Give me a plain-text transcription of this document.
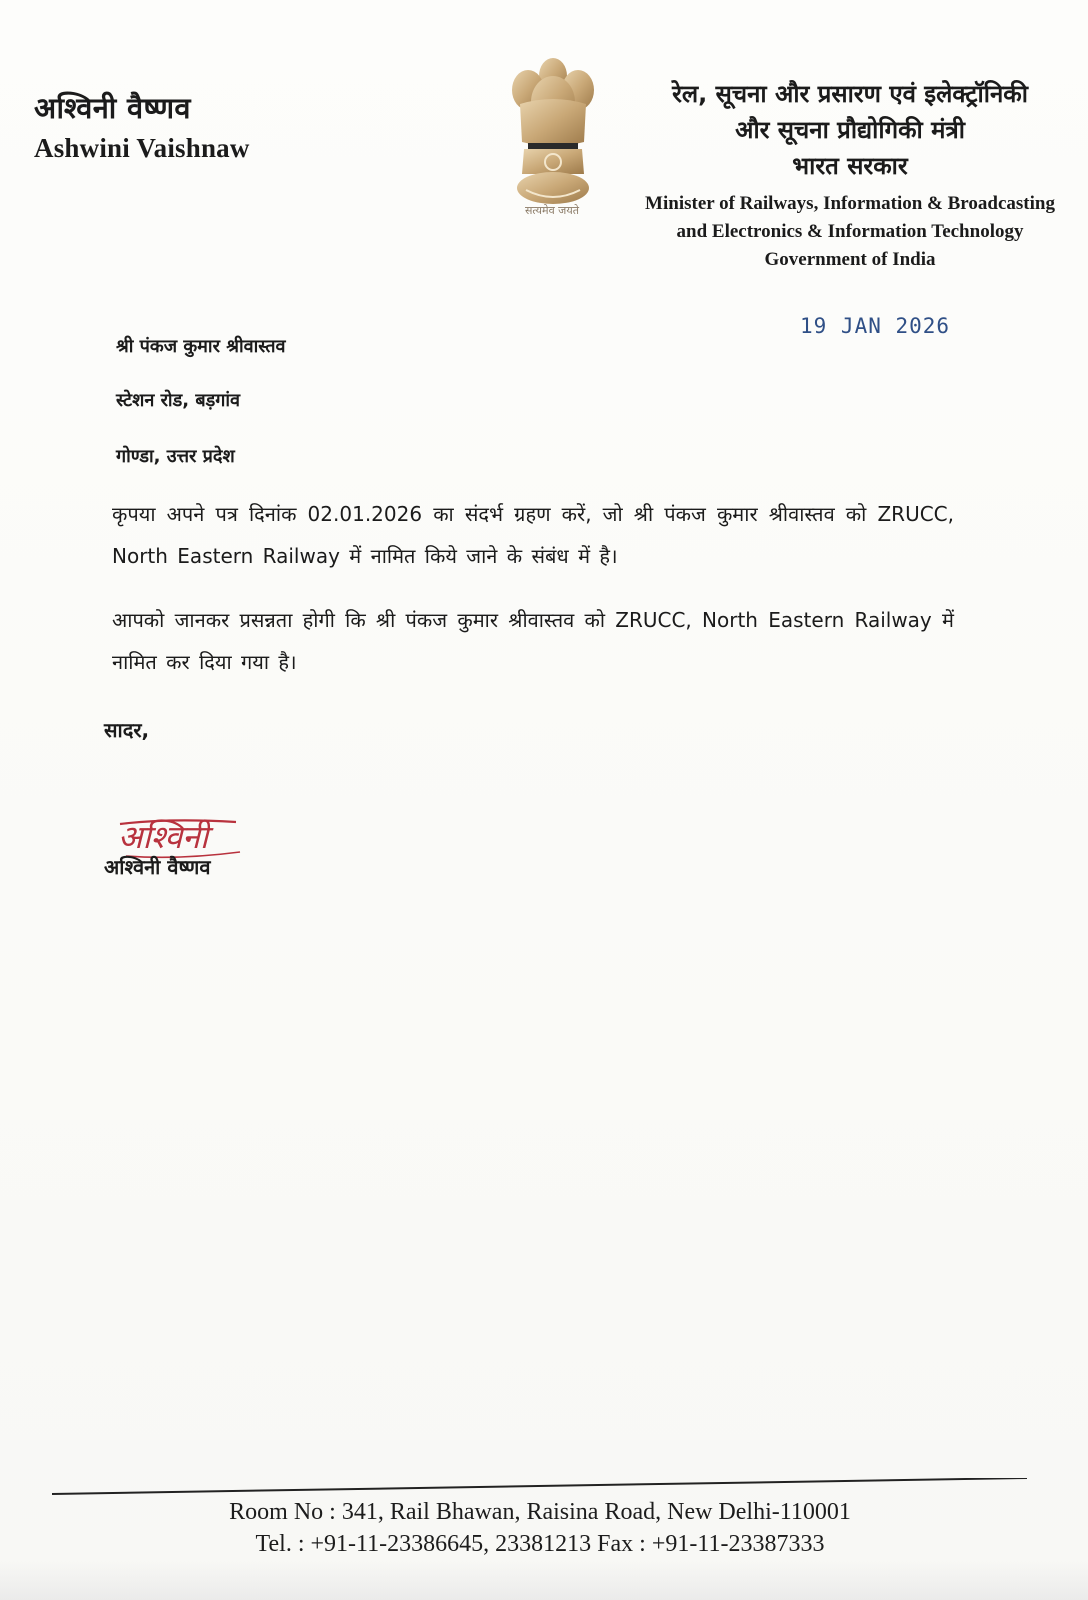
अश्विनी वैष्णव
Ashwini Vaishnaw
सत्यमेव जयते
रेल, सूचना और प्रसारण एवं इलेक्ट्रॉनिकी
और सूचना प्रौद्योगिकी मंत्री
भारत सरकार
Minister of Railways, Information & Broadcasting
and Electronics & Information Technology
Government of India
19 JAN 2026
श्री पंकज कुमार श्रीवास्तव
स्टेशन रोड, बड़गांव
गोण्डा, उत्तर प्रदेश
कृपया अपने पत्र दिनांक 02.01.2026 का संदर्भ ग्रहण करें, जो श्री पंकज कुमार श्रीवास्तव को ZRUCC, North Eastern Railway में नामित किये जाने के संबंध में है।
आपको जानकर प्रसन्नता होगी कि श्री पंकज कुमार श्रीवास्तव को ZRUCC, North Eastern Railway में नामित कर दिया गया है।
सादर,
अश्विनी
अश्विनी वैष्णव
Room No : 341, Rail Bhawan, Raisina Road, New Delhi-110001
Tel. : +91-11-23386645, 23381213 Fax : +91-11-23387333
